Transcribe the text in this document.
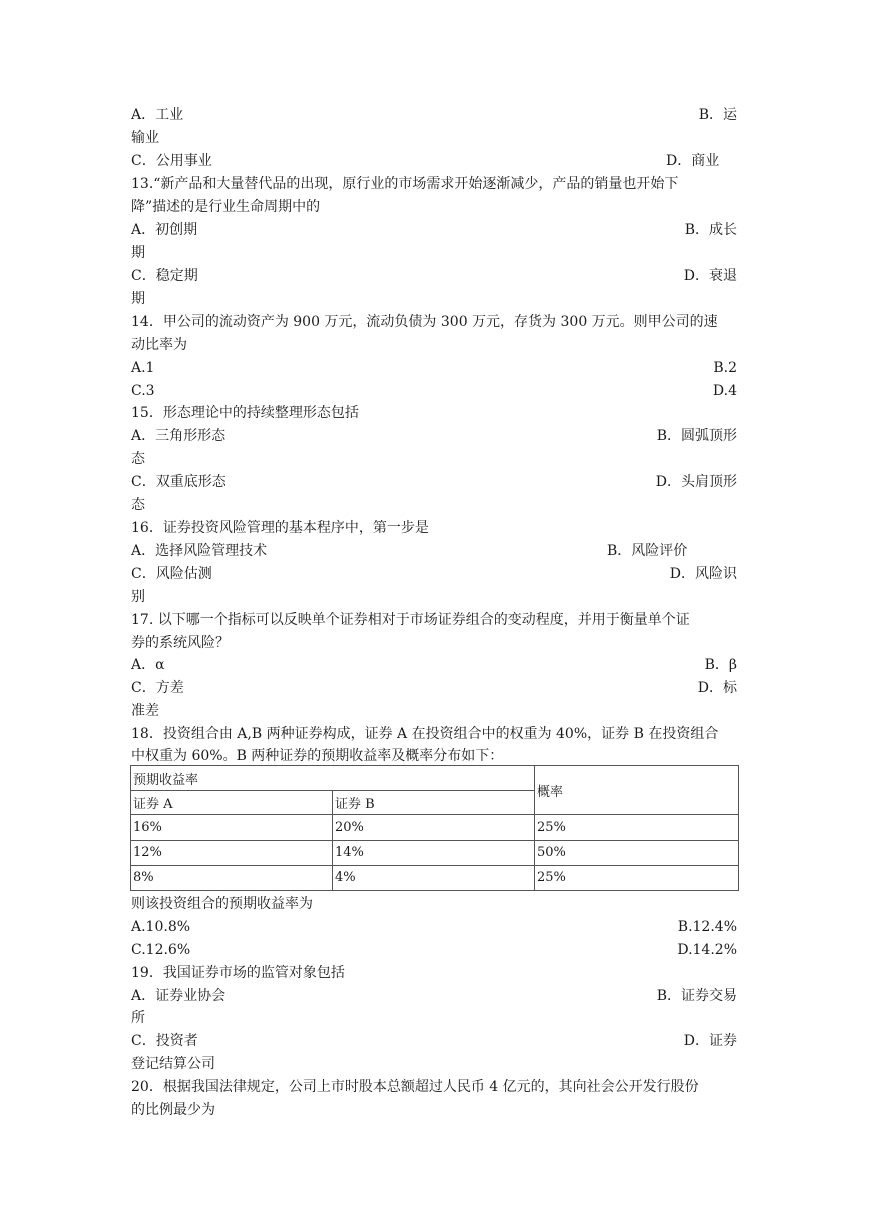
A．工业	B．运
输业
C．公用事业	D．商业
13.“新产品和大量替代品的出现，原行业的市场需求开始逐渐减少，产品的销量也开始下
降”描述的是行业生命周期中的
A．初创期	B．成长
期
C．稳定期	D．衰退
期
14．甲公司的流动资产为 900 万元，流动负债为 300 万元，存货为 300 万元。则甲公司的速
动比率为
A.1	B.2
C.3	D.4
15．形态理论中的持续整理形态包括
A．三角形形态	B．圆弧顶形
态
C．双重底形态	D．头肩顶形
态
16．证券投资风险管理的基本程序中，第一步是
A．选择风险管理技术	B．风险评价
C．风险估测	D．风险识
别
17. 以下哪一个指标可以反映单个证券相对于市场证券组合的变动程度，并用于衡量单个证
券的系统风险？
A．α	B．β
C．方差	D．标
准差
18．投资组合由 A,B 两种证券构成，证券 A 在投资组合中的权重为 40%，证券 B 在投资组合
中权重为 60%。B 两种证券的预期收益率及概率分布如下：
预期收益率		概率
证券 A	证券 B	
16%	20%	25%
12%	14%	50%
8%	4%	25%
则该投资组合的预期收益率为
A.10.8%	B.12.4%
C.12.6%	D.14.2%
19．我国证券市场的监管对象包括
A．证券业协会	B．证券交易
所
C．投资者	D．证券
登记结算公司
20．根据我国法律规定，公司上市时股本总额超过人民币 4 亿元的，其向社会公开发行股份
的比例最少为
